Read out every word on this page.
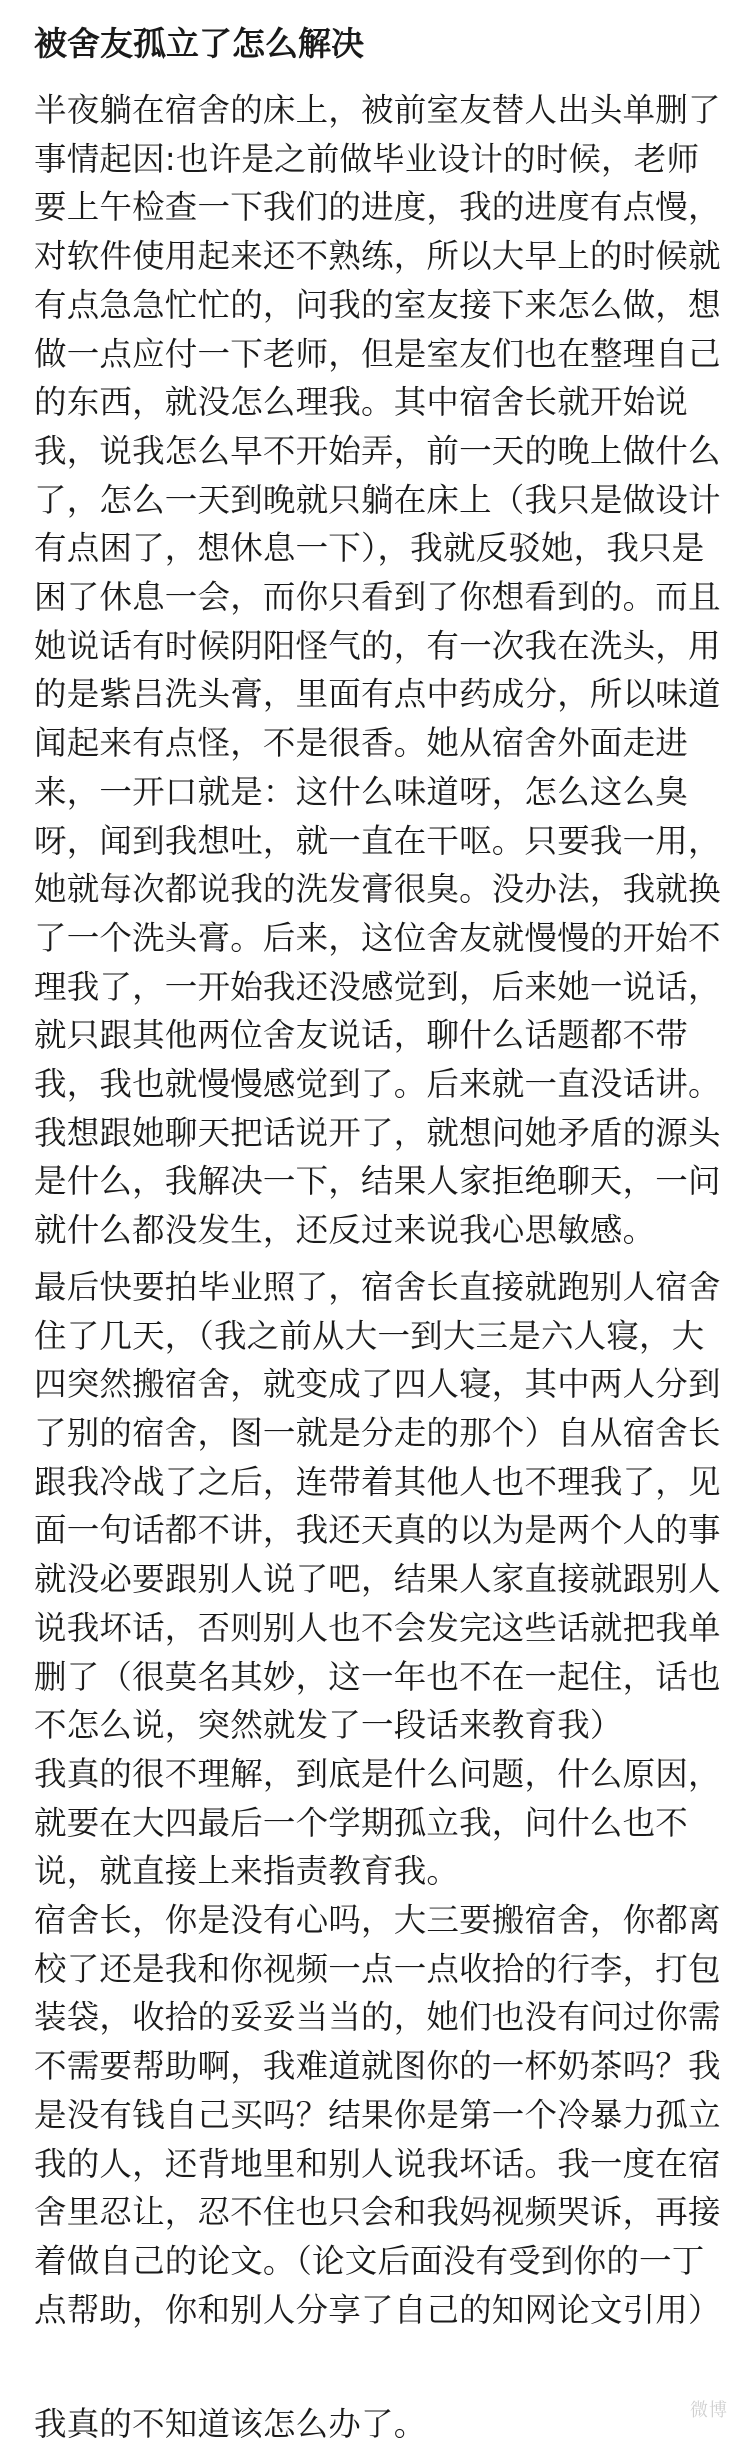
被舍友孤立了怎么解决

半夜躺在宿舍的床上，被前室友替人出头单删了事情起因:也许是之前做毕业设计的时候，老师要上午检查一下我们的进度，我的进度有点慢，对软件使用起来还不熟练，所以大早上的时候就有点急急忙忙的，问我的室友接下来怎么做，想做一点应付一下老师，但是室友们也在整理自己的东西，就没怎么理我。其中宿舍长就开始说我，说我怎么早不开始弄，前一天的晚上做什么了，怎么一天到晚就只躺在床上（我只是做设计有点困了，想休息一下），我就反驳她，我只是困了休息一会，而你只看到了你想看到的。而且她说话有时候阴阳怪气的，有一次我在洗头，用的是紫吕洗头膏，里面有点中药成分，所以味道闻起来有点怪，不是很香。她从宿舍外面走进来，一开口就是：这什么味道呀，怎么这么臭呀，闻到我想吐，就一直在干呕。只要我一用，她就每次都说我的洗发膏很臭。没办法，我就换了一个洗头膏。后来，这位舍友就慢慢的开始不理我了，一开始我还没感觉到，后来她一说话，就只跟其他两位舍友说话，聊什么话题都不带我，我也就慢慢感觉到了。后来就一直没话讲。我想跟她聊天把话说开了，就想问她矛盾的源头是什么，我解决一下，结果人家拒绝聊天，一问就什么都没发生，还反过来说我心思敏感。

最后快要拍毕业照了，宿舍长直接就跑别人宿舍住了几天，（我之前从大一到大三是六人寝，大四突然搬宿舍，就变成了四人寝，其中两人分到了别的宿舍，图一就是分走的那个）自从宿舍长跟我冷战了之后，连带着其他人也不理我了，见面一句话都不讲，我还天真的以为是两个人的事就没必要跟别人说了吧，结果人家直接就跟别人说我坏话，否则别人也不会发完这些话就把我单删了（很莫名其妙，这一年也不在一起住，话也不怎么说，突然就发了一段话来教育我）

我真的很不理解，到底是什么问题，什么原因，就要在大四最后一个学期孤立我，问什么也不说，就直接上来指责教育我。

宿舍长，你是没有心吗，大三要搬宿舍，你都离校了还是我和你视频一点一点收拾的行李，打包装袋，收拾的妥妥当当的，她们也没有问过你需不需要帮助啊，我难道就图你的一杯奶茶吗？我是没有钱自己买吗？结果你是第一个冷暴力孤立我的人，还背地里和别人说我坏话。我一度在宿舍里忍让，忍不住也只会和我妈视频哭诉，再接着做自己的论文。（论文后面没有受到你的一丁点帮助，你和别人分享了自己的知网论文引用）

我真的不知道该怎么办了。	微博
